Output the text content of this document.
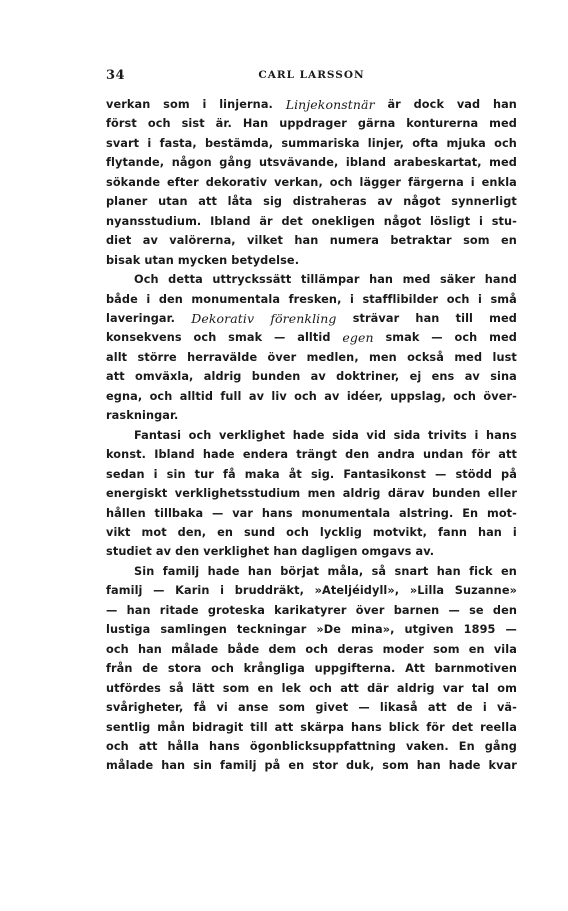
34	CARL LARSSON
verkan som i linjerna. Linjekonstnär är dock vad han
först och sist är. Han uppdrager gärna konturerna med
svart i fasta, bestämda, summariska linjer, ofta mjuka och
flytande, någon gång utsvävande, ibland arabeskartat, med
sökande efter dekorativ verkan, och lägger färgerna i enkla
planer utan att låta sig distraheras av något synnerligt
nyansstudium. Ibland är det onekligen något lösligt i stu-
diet av valörerna, vilket han numera betraktar som en
bisak utan mycken betydelse.
Och detta uttryckssätt tillämpar han med säker hand
både i den monumentala fresken, i stafflibilder och i små
laveringar. Dekorativ förenkling strävar han till med
konsekvens och smak — alltid egen smak — och med
allt större herravälde över medlen, men också med lust
att omväxla, aldrig bunden av doktriner, ej ens av sina
egna, och alltid full av liv och av idéer, uppslag, och över-
raskningar.
Fantasi och verklighet hade sida vid sida trivits i hans
konst. Ibland hade endera trängt den andra undan för att
sedan i sin tur få maka åt sig. Fantasikonst — stödd på
energiskt verklighetsstudium men aldrig därav bunden eller
hållen tillbaka — var hans monumentala alstring. En mot-
vikt mot den, en sund och lycklig motvikt, fann han i
studiet av den verklighet han dagligen omgavs av.
Sin familj hade han börjat måla, så snart han fick en
familj — Karin i bruddräkt, »Ateljéidyll», »Lilla Suzanne»
— han ritade groteska karikatyrer över barnen — se den
lustiga samlingen teckningar »De mina», utgiven 1895 —
och han målade både dem och deras moder som en vila
från de stora och krångliga uppgifterna. Att barnmotiven
utfördes så lätt som en lek och att där aldrig var tal om
svårigheter, få vi anse som givet — likaså att de i vä-
sentlig mån bidragit till att skärpa hans blick för det reella
och att hålla hans ögonblicksuppfattning vaken. En gång
målade han sin familj på en stor duk, som han hade kvar
